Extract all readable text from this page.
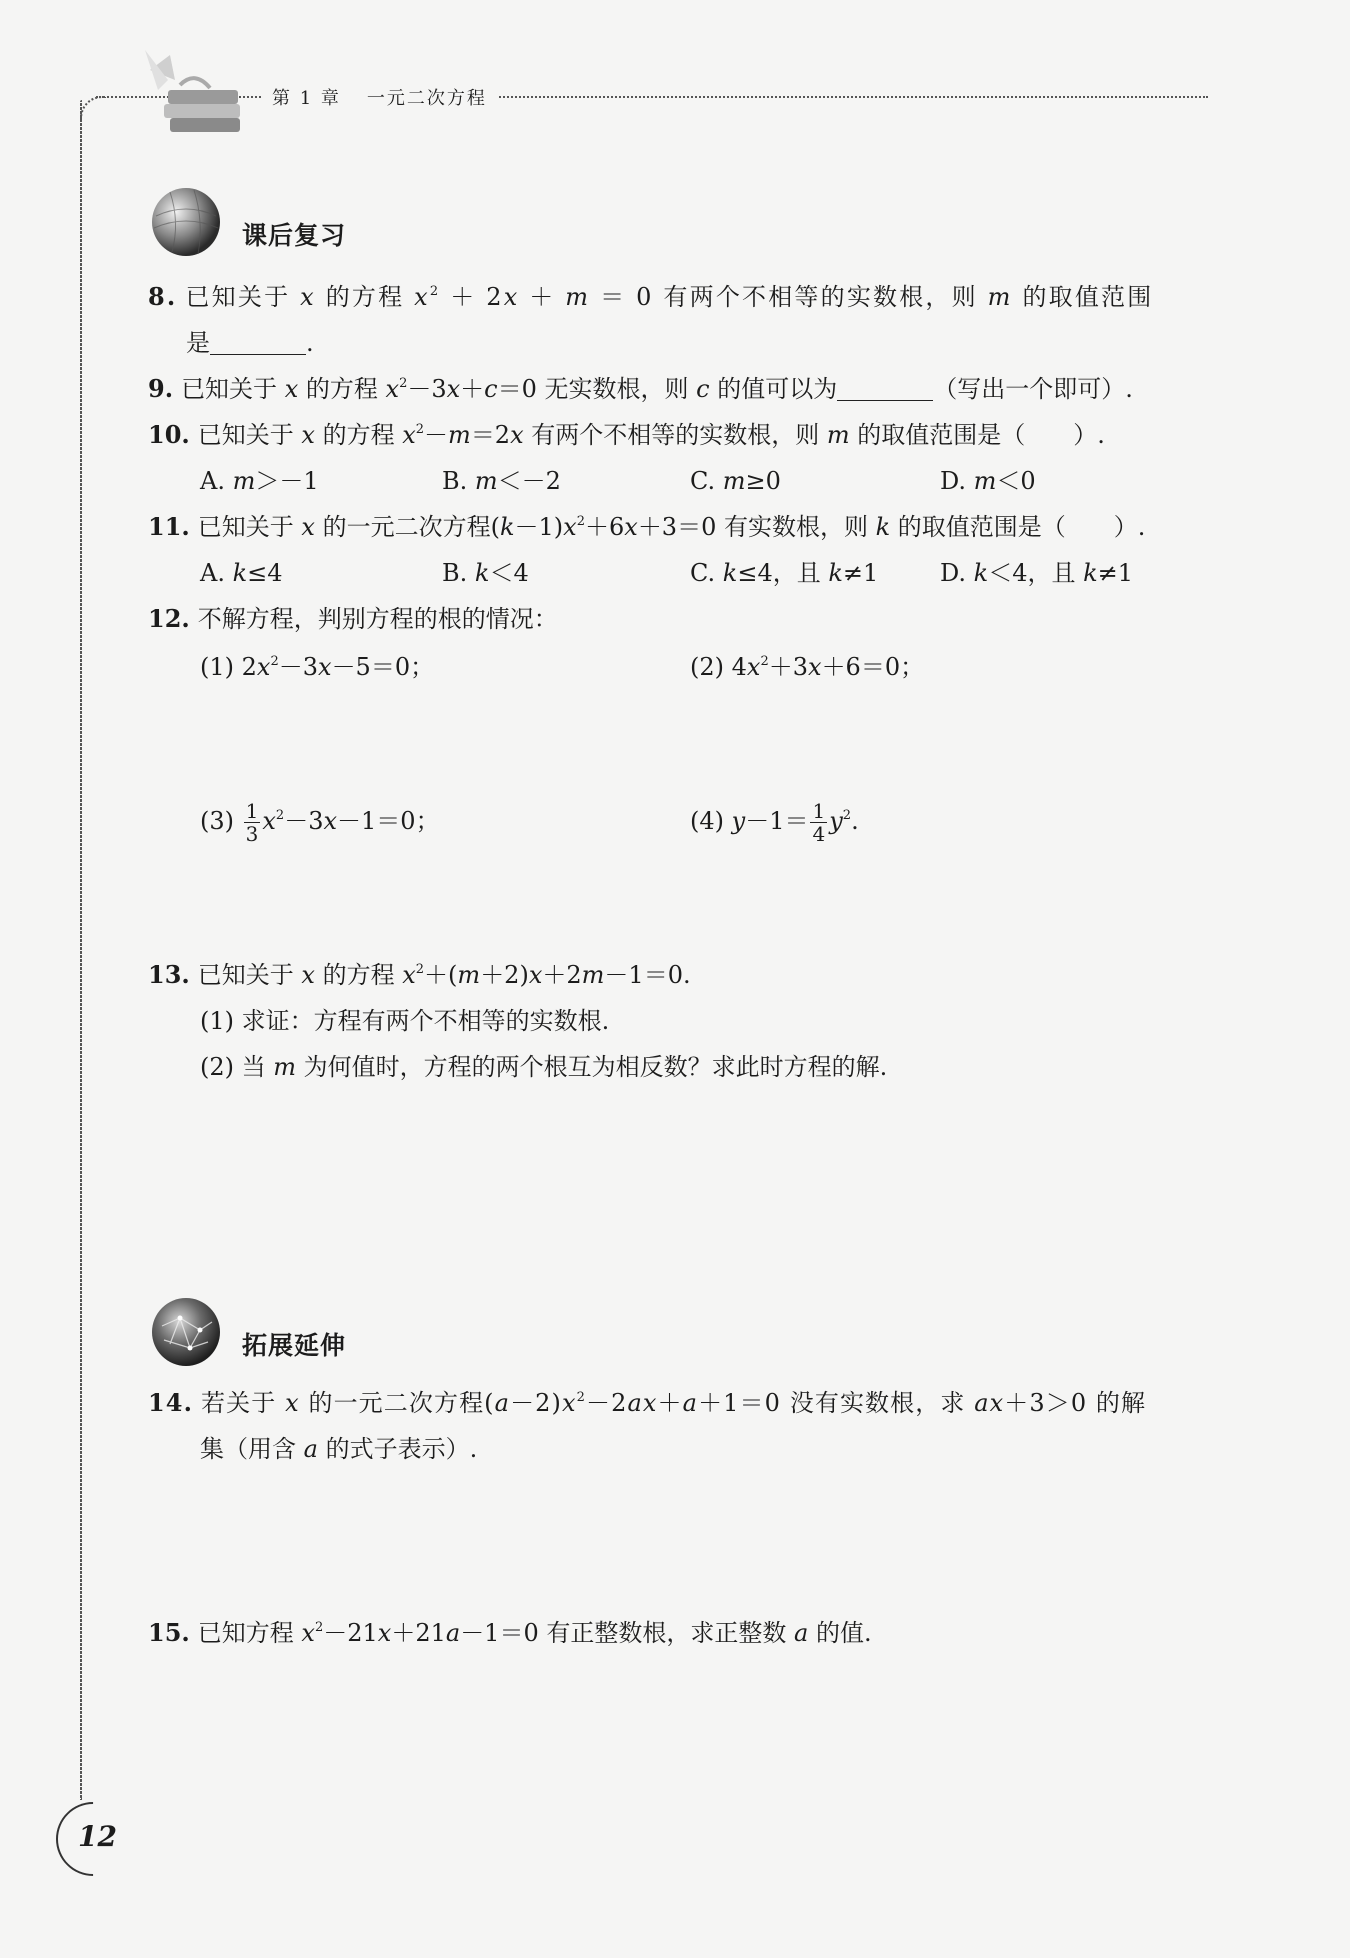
第 1 章 一元二次方程
课后复习
8. 已知关于 x 的方程 $x^2 + 2x + m = 0$ 有两个不相等的实数根，则 m 的取值范围
是	.
9. 已知关于 x 的方程 $x^2-3x+c=0$ 无实数根，则 c 的值可以为	（写出一个即可）.
10. 已知关于 x 的方程 $x^2-m=2x$ 有两个不相等的实数根，则 m 的取值范围是（　　）.
A. m＞－1	B. m＜－2	C. m≥0	D. m＜0
11. 已知关于 x 的一元二次方程$(k-1)x^2+6x+3=0$ 有实数根，则 k 的取值范围是（　　）.
A. k≤4	B. k＜4	C. k≤4，且 k≠1	D. k＜4，且 k≠1
12. 不解方程，判别方程的根的情况：
(1) $2x^2-3x-5=0$；	(2) $4x^2+3x+6=0$；
$(3) \frac{1}{3} x^2-3x-1=0$；	(4) $y-1= \frac{1}{4} y^2$.
13. 已知关于 x 的方程 $x^2+(m+2)x+2m-1=0$.
(1) 求证：方程有两个不相等的实数根.
(2) 当 m 为何值时，方程的两个根互为相反数？求此时方程的解.
拓展延伸
14. 若关于 x 的一元二次方程$(a-2)x^2-2ax+a+1=0$ 没有实数根，求 ax＋3＞0 的解
集（用含 a 的式子表示）.
15. 已知方程 $x^2-21x+21a-1=0$ 有正整数根，求正整数 a 的值.
12
